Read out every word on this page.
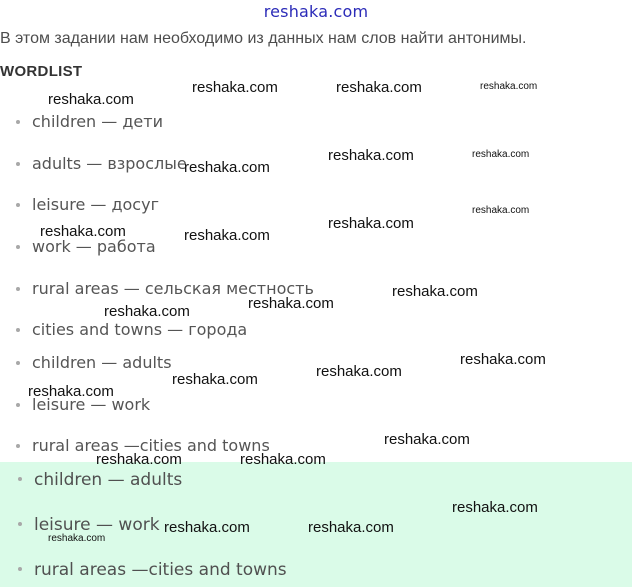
reshaka.com
В этом задании нам необходимо из данных нам слов найти антонимы.
WORDLIST
children — дети
adults — взрослые
leisure — досуг
work — работа
rural areas — сельская местность
cities and towns — города
children — adults
leisure — work
rural areas —cities and towns
children — adults
leisure — work
rural areas —cities and towns
reshaka.com
reshaka.com	reshaka.com	reshaka.com
reshaka.com
reshaka.com	reshaka.com
reshaka.com
reshaka.com
reshaka.com	reshaka.com
reshaka.com
reshaka.com
reshaka.com
reshaka.com
reshaka.com
reshaka.com
reshaka.com
reshaka.com
reshaka.com	reshaka.com
reshaka.com
reshaka.com	reshaka.com
reshaka.com
